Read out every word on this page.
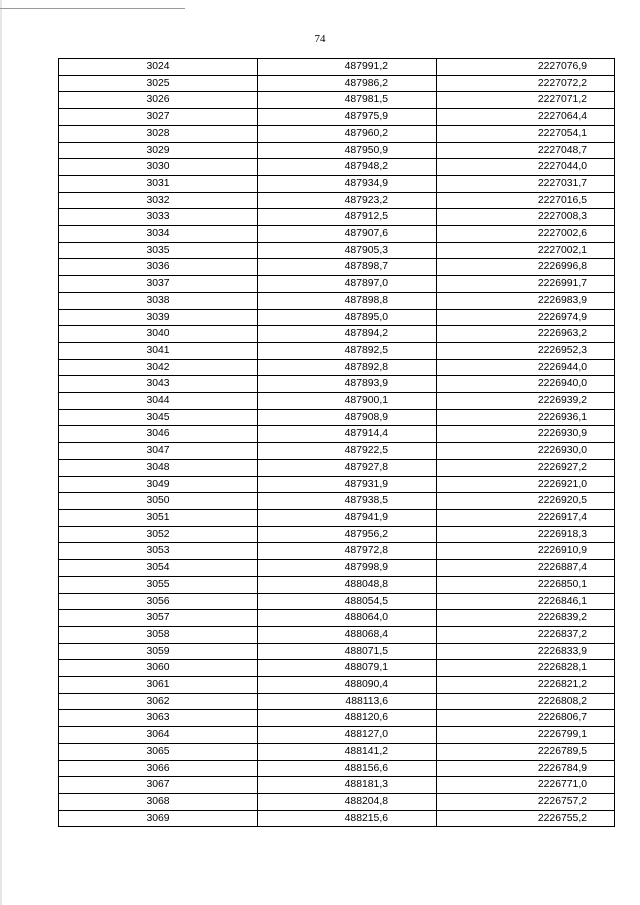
74
3024	487991,2	2227076,9
3025	487986,2	2227072,2
3026	487981,5	2227071,2
3027	487975,9	2227064,4
3028	487960,2	2227054,1
3029	487950,9	2227048,7
3030	487948,2	2227044,0
3031	487934,9	2227031,7
3032	487923,2	2227016,5
3033	487912,5	2227008,3
3034	487907,6	2227002,6
3035	487905,3	2227002,1
3036	487898,7	2226996,8
3037	487897,0	2226991,7
3038	487898,8	2226983,9
3039	487895,0	2226974,9
3040	487894,2	2226963,2
3041	487892,5	2226952,3
3042	487892,8	2226944,0
3043	487893,9	2226940,0
3044	487900,1	2226939,2
3045	487908,9	2226936,1
3046	487914,4	2226930,9
3047	487922,5	2226930,0
3048	487927,8	2226927,2
3049	487931,9	2226921,0
3050	487938,5	2226920,5
3051	487941,9	2226917,4
3052	487956,2	2226918,3
3053	487972,8	2226910,9
3054	487998,9	2226887,4
3055	488048,8	2226850,1
3056	488054,5	2226846,1
3057	488064,0	2226839,2
3058	488068,4	2226837,2
3059	488071,5	2226833,9
3060	488079,1	2226828,1
3061	488090,4	2226821,2
3062	488113,6	2226808,2
3063	488120,6	2226806,7
3064	488127,0	2226799,1
3065	488141,2	2226789,5
3066	488156,6	2226784,9
3067	488181,3	2226771,0
3068	488204,8	2226757,2
3069	488215,6	2226755,2
